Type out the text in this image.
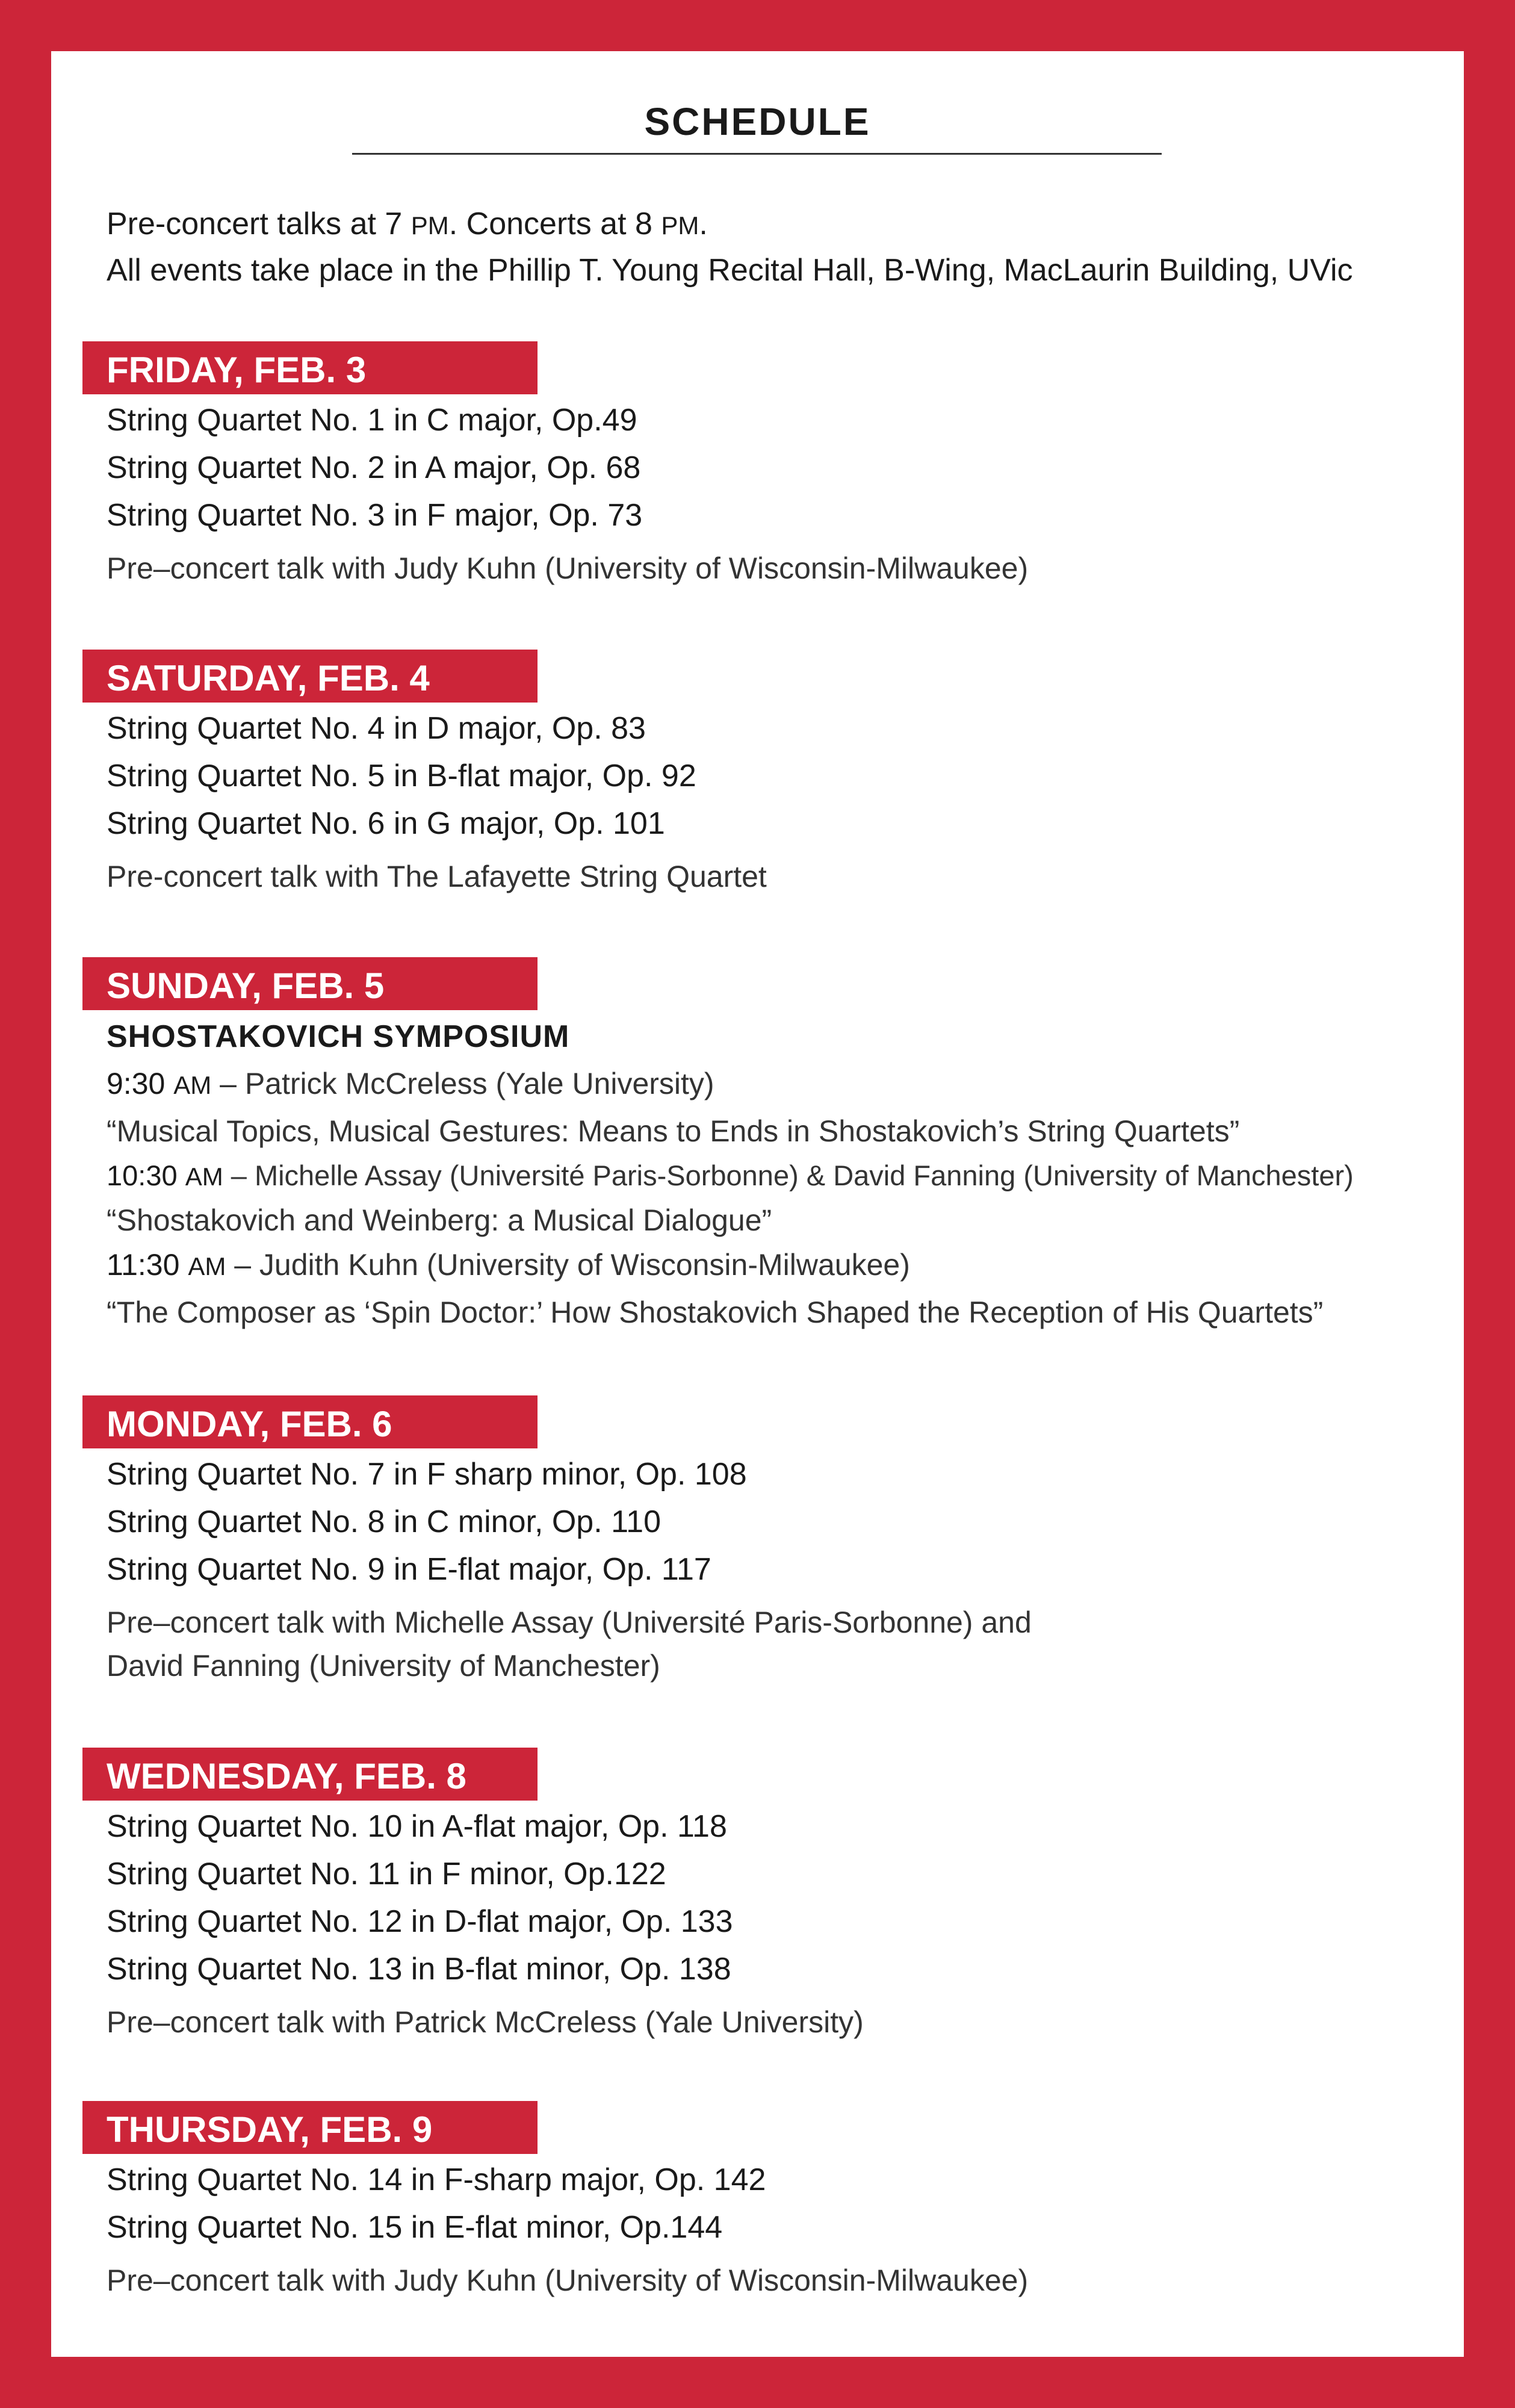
SCHEDULE

Pre-concert talks at 7 PM. Concerts at 8 PM.

All events take place in the Phillip T. Young Recital Hall, B-Wing, MacLaurin Building, UVic

FRIDAY, FEB. 3
String Quartet No. 1 in C major, Op.49
String Quartet No. 2 in A major, Op. 68
String Quartet No. 3 in F major, Op. 73
Pre–concert talk with Judy Kuhn (University of Wisconsin-Milwaukee)
SATURDAY, FEB. 4
String Quartet No. 4 in D major, Op. 83
String Quartet No. 5 in B-flat major, Op. 92
String Quartet No. 6 in G major, Op. 101
Pre-concert talk with The Lafayette String Quartet
SUNDAY, FEB. 5
SHOSTAKOVICH SYMPOSIUM
9:30 AM – Patrick McCreless (Yale University)
“Musical Topics, Musical Gestures: Means to Ends in Shostakovich’s String Quartets”
10:30 AM – Michelle Assay (Université Paris-Sorbonne) & David Fanning (University of Manchester)
“Shostakovich and Weinberg: a Musical Dialogue”
11:30 AM – Judith Kuhn (University of Wisconsin-Milwaukee)
“The Composer as ‘Spin Doctor:’ How Shostakovich Shaped the Reception of His Quartets”
MONDAY, FEB. 6
String Quartet No. 7 in F sharp minor, Op. 108
String Quartet No. 8 in C minor, Op. 110
String Quartet No. 9 in E-flat major, Op. 117
Pre–concert talk with Michelle Assay (Université Paris-Sorbonne) and
David Fanning (University of Manchester)
WEDNESDAY, FEB. 8
String Quartet No. 10 in A-flat major, Op. 118
String Quartet No. 11 in F minor, Op.122
String Quartet No. 12 in D-flat major, Op. 133
String Quartet No. 13 in B-flat minor, Op. 138
Pre–concert talk with Patrick McCreless (Yale University)
THURSDAY, FEB. 9
String Quartet No. 14 in F-sharp major, Op. 142
String Quartet No. 15 in E-flat minor, Op.144
Pre–concert talk with Judy Kuhn (University of Wisconsin-Milwaukee)
